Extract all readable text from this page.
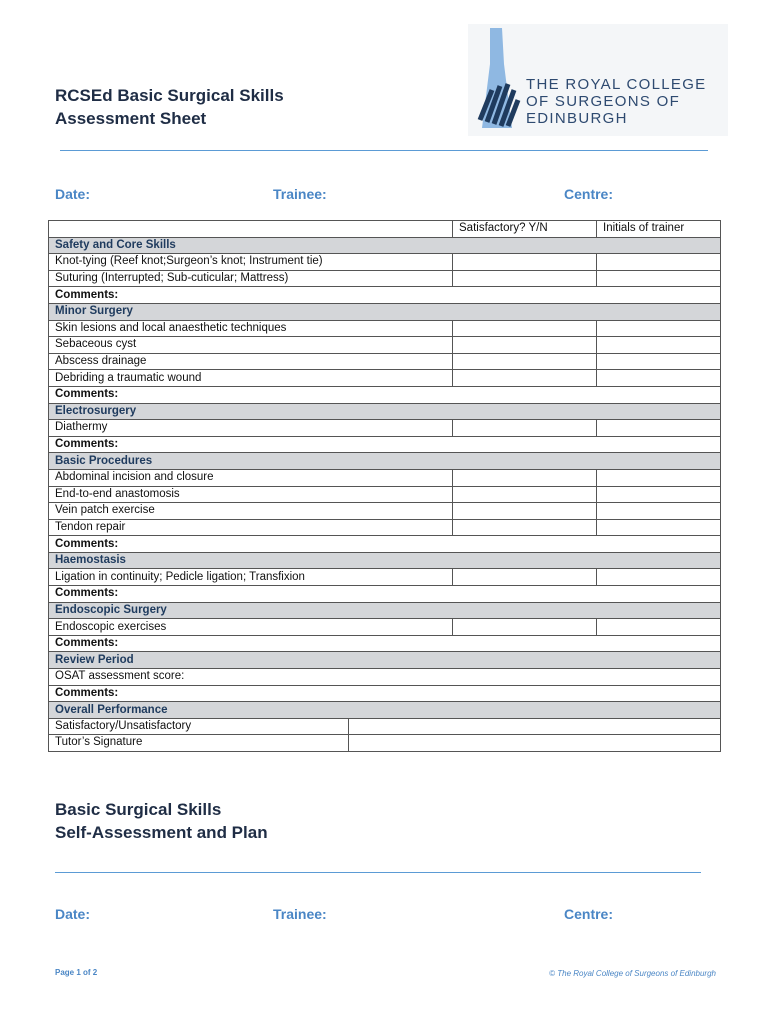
RCSEd Basic Surgical Skills
Assessment Sheet
THE ROYAL COLLEGE
OF SURGEONS OF
EDINBURGH
Date:	Trainee:	Centre:
	Satisfactory? Y/N	Initials of trainer
Safety and Core Skills		
Knot-tying (Reef knot;Surgeon’s knot; Instrument tie)		
Suturing (Interrupted; Sub-cuticular; Mattress)		
Comments:		
Minor Surgery		
Skin lesions and local anaesthetic techniques		
Sebaceous cyst		
Abscess drainage		
Debriding a traumatic wound		
Comments:		
Electrosurgery		
Diathermy		
Comments:		
Basic Procedures		
Abdominal incision and closure		
End-to-end anastomosis		
Vein patch exercise		
Tendon repair		
Comments:		
Haemostasis		
Ligation in continuity; Pedicle ligation; Transfixion		
Comments:		
Endoscopic Surgery		
Endoscopic exercises		
Comments:		
Review Period		
OSAT assessment score:		
Comments:		
Overall Performance		

Satisfactory/Unsatisfactory		

Tutor’s Signature		
Basic Surgical Skills
Self-Assessment and Plan
Date:	Trainee:	Centre:
Page 1 of 2	© The Royal College of Surgeons of Edinburgh
